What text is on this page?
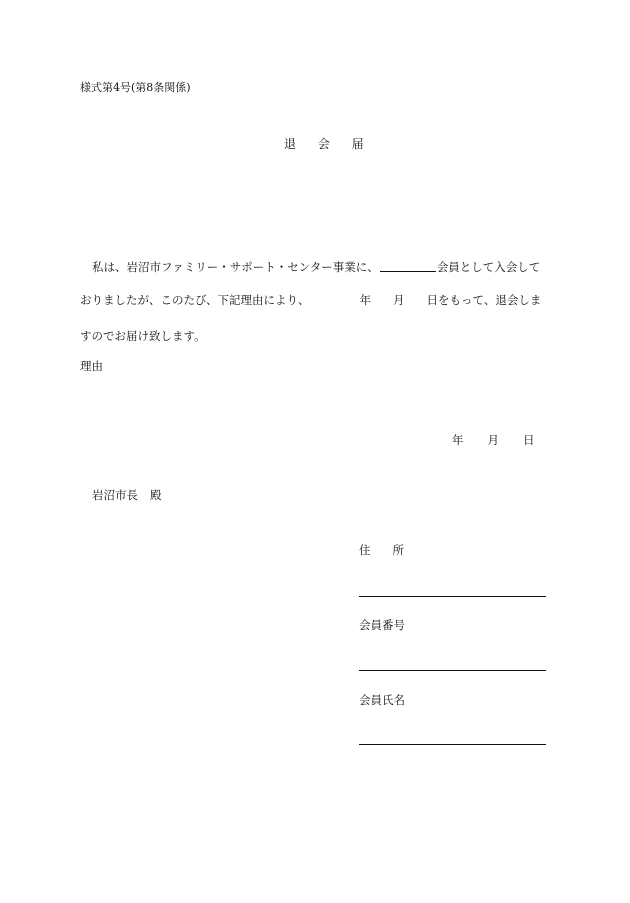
様式第4号(第8条関係)
退 会 届
私は、岩沼市ファミリー・サポート・センター事業に、	会員として入会して
おりましたが、このたび、下記理由により、	年 月 日をもって、退会しま
すのでお届け致します。
理由
年 月 日
岩沼市長 殿
住 所
会員番号
会員氏名
